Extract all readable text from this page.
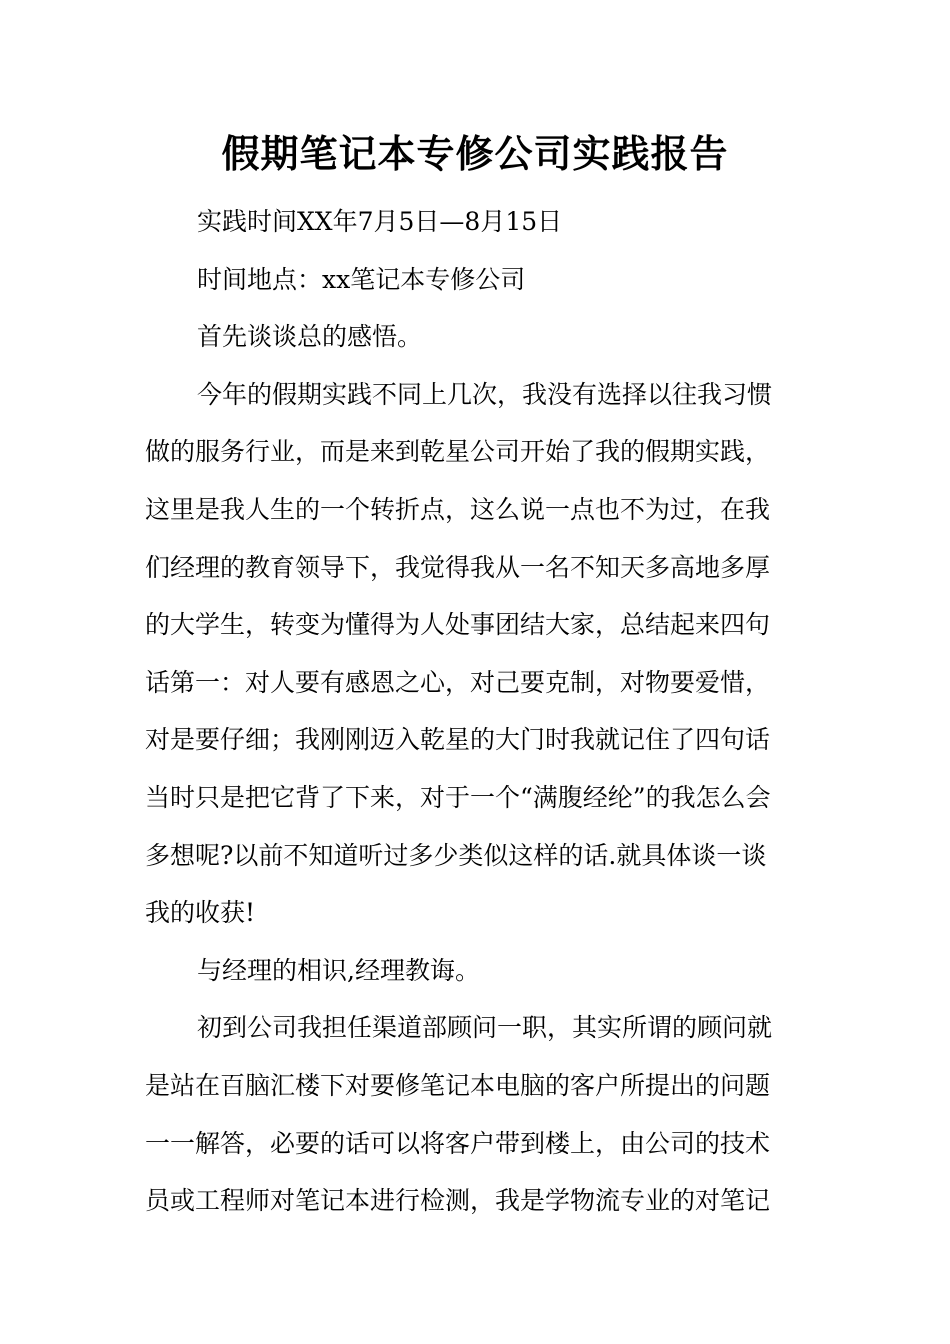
假期笔记本专修公司实践报告
实践时间XX年7月5日—8月15日
时间地点：xx笔记本专修公司
首先谈谈总的感悟。
今年的假期实践不同上几次，我没有选择以往我习惯
做的服务行业，而是来到乾星公司开始了我的假期实践，
这里是我人生的一个转折点，这么说一点也不为过，在我
们经理的教育领导下，我觉得我从一名不知天多高地多厚
的大学生，转变为懂得为人处事团结大家，总结起来四句
话第一：对人要有感恩之心，对己要克制，对物要爱惜，
对是要仔细；我刚刚迈入乾星的大门时我就记住了四句话
当时只是把它背了下来，对于一个“满腹经纶”的我怎么会
多想呢?以前不知道听过多少类似这样的话.就具体谈一谈
我的收获!
与经理的相识,经理教诲。
初到公司我担任渠道部顾问一职，其实所谓的顾问就
是站在百脑汇楼下对要修笔记本电脑的客户所提出的问题
一一解答，必要的话可以将客户带到楼上，由公司的技术
员或工程师对笔记本进行检测，我是学物流专业的对笔记
